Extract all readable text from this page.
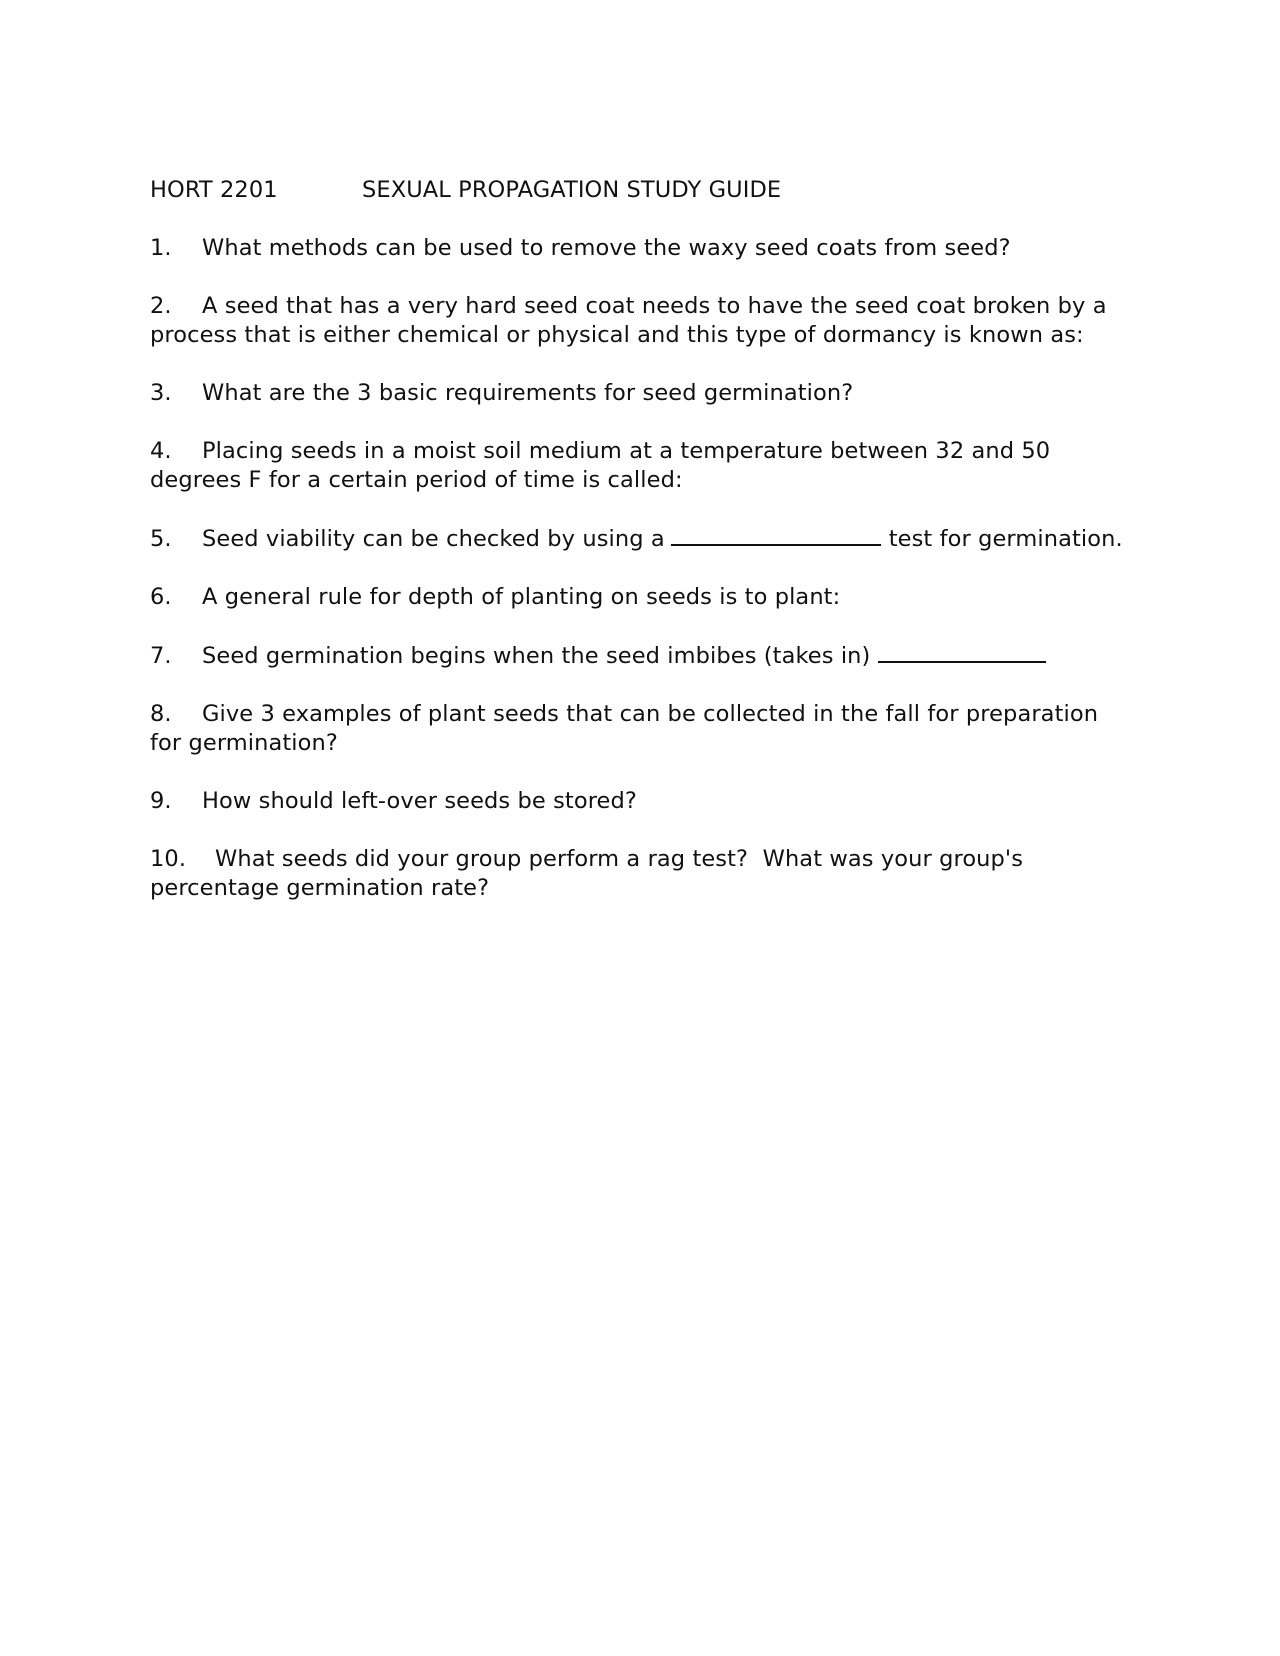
HORT 2201	SEXUAL PROPAGATION STUDY GUIDE
1. What methods can be used to remove the waxy seed coats from seed?
2. A seed that has a very hard seed coat needs to have the seed coat broken by a
process that is either chemical or physical and this type of dormancy is known as:
3. What are the 3 basic requirements for seed germination?
4. Placing seeds in a moist soil medium at a temperature between 32 and 50
degrees F for a certain period of time is called:
5. Seed viability can be checked by using a	test for germination.
6. A general rule for depth of planting on seeds is to plant:
7. Seed germination begins when the seed imbibes (takes in)
8. Give 3 examples of plant seeds that can be collected in the fall for preparation
for germination?
9. How should left-over seeds be stored?
10. What seeds did your group perform a rag test?  What was your group's
percentage germination rate?
